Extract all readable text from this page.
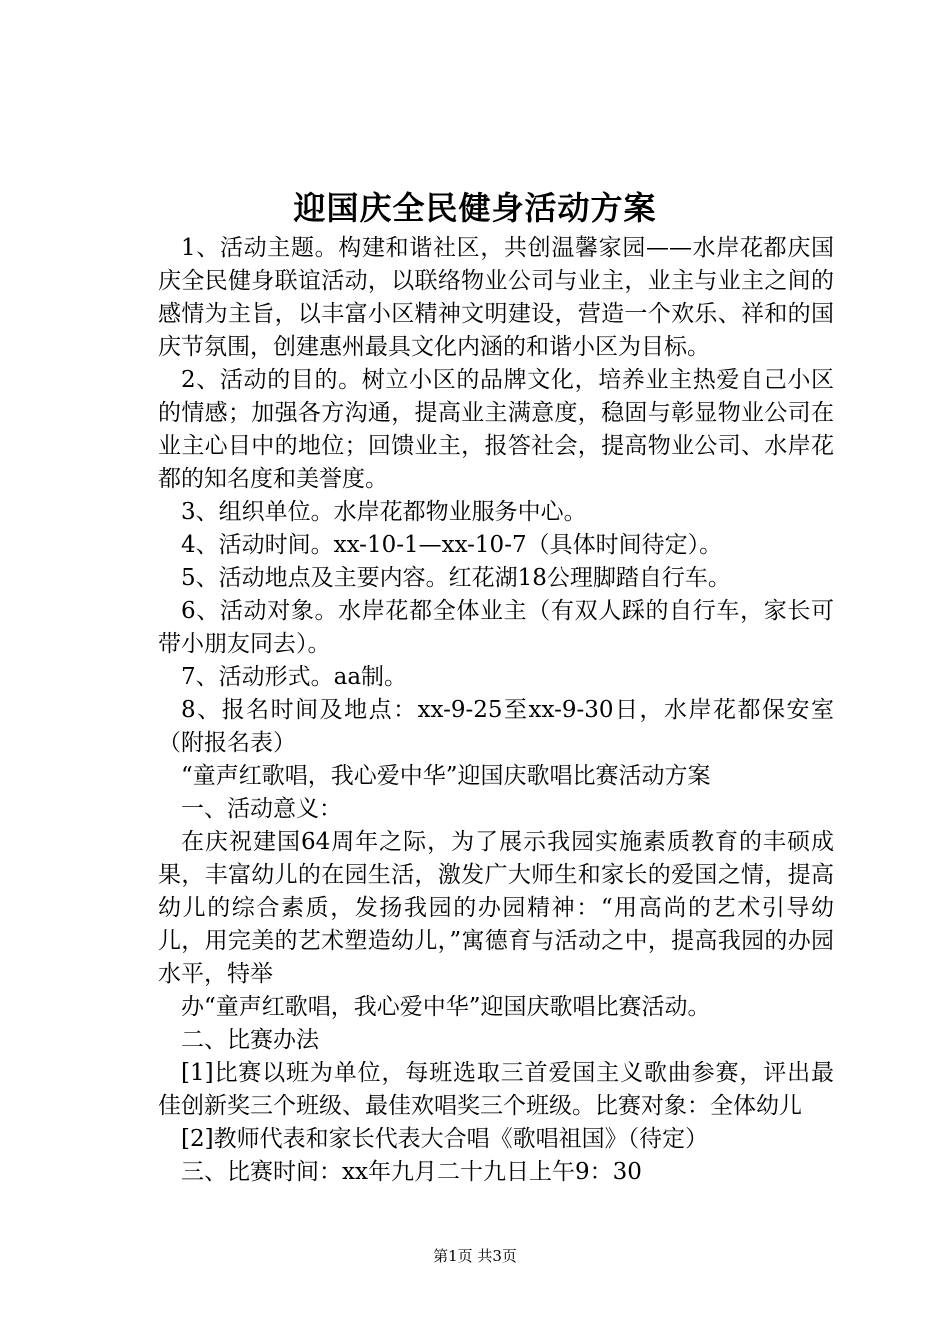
迎国庆全民健身活动方案

1、活动主题。构建和谐社区，共创温馨家园——水岸花都庆国庆全民健身联谊活动，以联络物业公司与业主，业主与业主之间的感情为主旨，以丰富小区精神文明建设，营造一个欢乐、祥和的国庆节氛围，创建惠州最具文化内涵的和谐小区为目标。

2、活动的目的。树立小区的品牌文化，培养业主热爱自己小区的情感；加强各方沟通，提高业主满意度，稳固与彰显物业公司在业主心目中的地位；回馈业主，报答社会，提高物业公司、水岸花都的知名度和美誉度。

3、组织单位。水岸花都物业服务中心。

4、活动时间。xx-10-1—xx-10-7（具体时间待定）。

5、活动地点及主要内容。红花湖18公理脚踏自行车。

6、活动对象。水岸花都全体业主（有双人踩的自行车，家长可带小朋友同去）。

7、活动形式。aa制。

8、报名时间及地点：xx-9-25至xx-9-30日，水岸花都保安室（附报名表）

“童声红歌唱，我心爱中华”迎国庆歌唱比赛活动方案

一、活动意义：

在庆祝建国64周年之际，为了展示我园实施素质教育的丰硕成果，丰富幼儿的在园生活，激发广大师生和家长的爱国之情，提高幼儿的综合素质，发扬我园的办园精神：“用高尚的艺术引导幼儿，用完美的艺术塑造幼儿，”寓德育与活动之中，提高我园的办园水平，特举

办“童声红歌唱，我心爱中华”迎国庆歌唱比赛活动。

二、比赛办法

[1]比赛以班为单位，每班选取三首爱国主义歌曲参赛，评出最佳创新奖三个班级、最佳欢唱奖三个班级。比赛对象：全体幼儿

[2]教师代表和家长代表大合唱《歌唱祖国》（待定）

三、比赛时间：xx年九月二十九日上午9：30

第1页 共3页
